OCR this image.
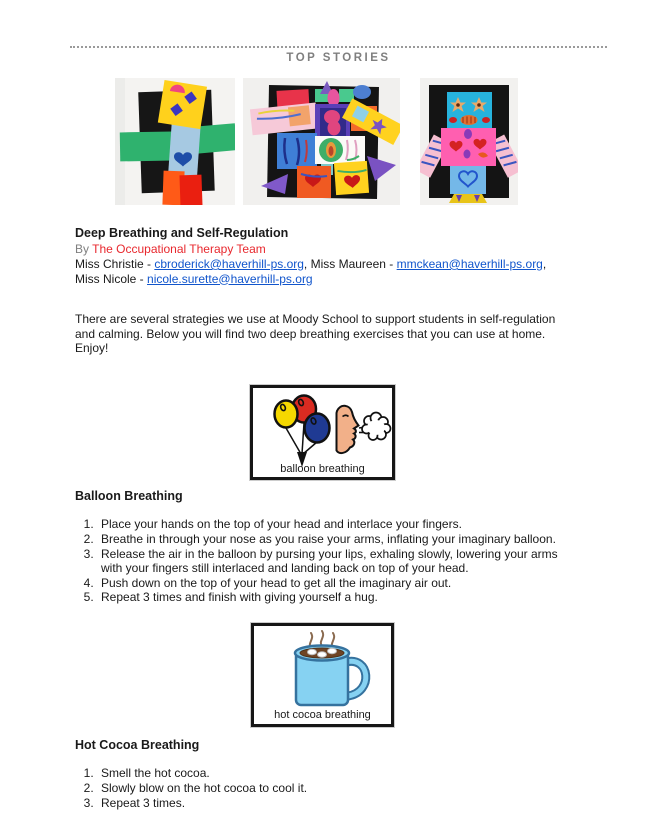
TOP STORIES

Deep Breathing and Self-Regulation

By The Occupational Therapy Team

Miss Christie - cbroderick@haverhill-ps.org, Miss Maureen - mmckean@haverhill-ps.org, Miss Nicole - nicole.surette@haverhill-ps.org

There are several strategies we use at Moody School to support students in self-regulation and calming. Below you will find two deep breathing exercises that you can use at home. Enjoy!

balloon breathing

Balloon Breathing

1. Place your hands on the top of your head and interlace your fingers.
2. Breathe in through your nose as you raise your arms, inflating your imaginary balloon.
3. Release the air in the balloon by pursing your lips, exhaling slowly, lowering your arms with your fingers still interlaced and landing back on top of your head.
4. Push down on the top of your head to get all the imaginary air out.
5. Repeat 3 times and finish with giving yourself a hug.
hot cocoa breathing

Hot Cocoa Breathing

1. Smell the hot cocoa.
2. Slowly blow on the hot cocoa to cool it.
3. Repeat 3 times.
